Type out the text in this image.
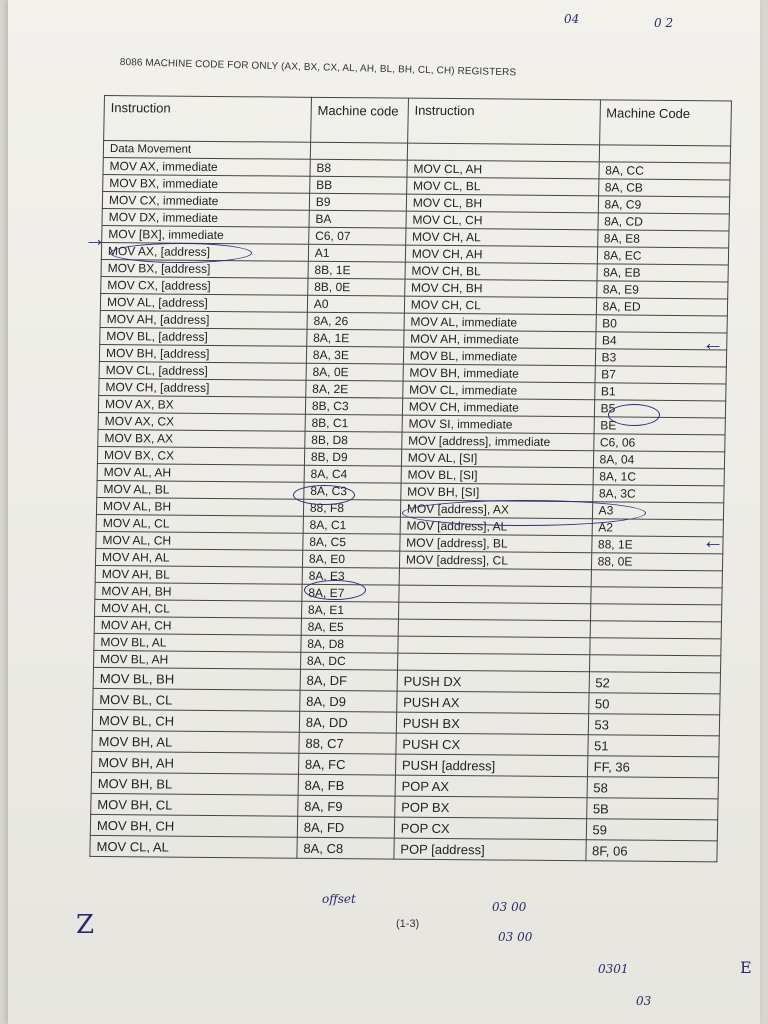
8086 MACHINE CODE FOR ONLY (AX, BX, CX, AL, AH, BL, BH, CL, CH) REGISTERS
04	0 2
Instruction	Machine code	Instruction	Machine Code
Data Movement			
MOV AX, immediate	B8	MOV CL, AH	8A, CC
MOV BX, immediate	BB	MOV CL, BL	8A, CB
MOV CX, immediate	B9	MOV CL, BH	8A, C9
MOV DX, immediate	BA	MOV CL, CH	8A, CD
MOV [BX], immediate	C6, 07	MOV CH, AL	8A, E8
MOV AX, [address]	A1	MOV CH, AH	8A, EC
MOV BX, [address]	8B, 1E	MOV CH, BL	8A, EB
MOV CX, [address]	8B, 0E	MOV CH, BH	8A, E9
MOV AL, [address]	A0	MOV CH, CL	8A, ED
MOV AH, [address]	8A, 26	MOV AL, immediate	B0
MOV BL, [address]	8A, 1E	MOV AH, immediate	B4
MOV BH, [address]	8A, 3E	MOV BL, immediate	B3
MOV CL, [address]	8A, 0E	MOV BH, immediate	B7
MOV CH, [address]	8A, 2E	MOV CL, immediate	B1
MOV AX, BX	8B, C3	MOV CH, immediate	B5
MOV AX, CX	8B, C1	MOV SI, immediate	BE
MOV BX, AX	8B, D8	MOV [address], immediate	C6, 06
MOV BX, CX	8B, D9	MOV AL, [SI]	8A, 04
MOV AL, AH	8A, C4	MOV BL, [SI]	8A, 1C
MOV AL, BL	8A, C3	MOV BH, [SI]	8A, 3C
MOV AL, BH	88, F8	MOV [address], AX	A3
MOV AL, CL	8A, C1	MOV [address], AL	A2
MOV AL, CH	8A, C5	MOV [address], BL	88, 1E
MOV AH, AL	8A, E0	MOV [address], CL	88, 0E
MOV AH, BL	8A, E3		
MOV AH, BH	8A, E7		
MOV AH, CL	8A, E1		
MOV AH, CH	8A, E5		
MOV BL, AL	8A, D8		
MOV BL, AH	8A, DC		
MOV BL, BH	8A, DF	PUSH DX	52
MOV BL, CL	8A, D9	PUSH AX	50
MOV BL, CH	8A, DD	PUSH BX	53
MOV BH, AL	88, C7	PUSH CX	51
MOV BH, AH	8A, FC	PUSH [address]	FF, 36
MOV BH, BL	8A, FB	POP AX	58
MOV BH, CL	8A, F9	POP BX	5B
MOV BH, CH	8A, FD	POP CX	59
MOV CL, AL	8A, C8	POP [address]	8F, 06
→
←
←
(1-3)
Z
offset
03 00
03 00
0301
03
E
